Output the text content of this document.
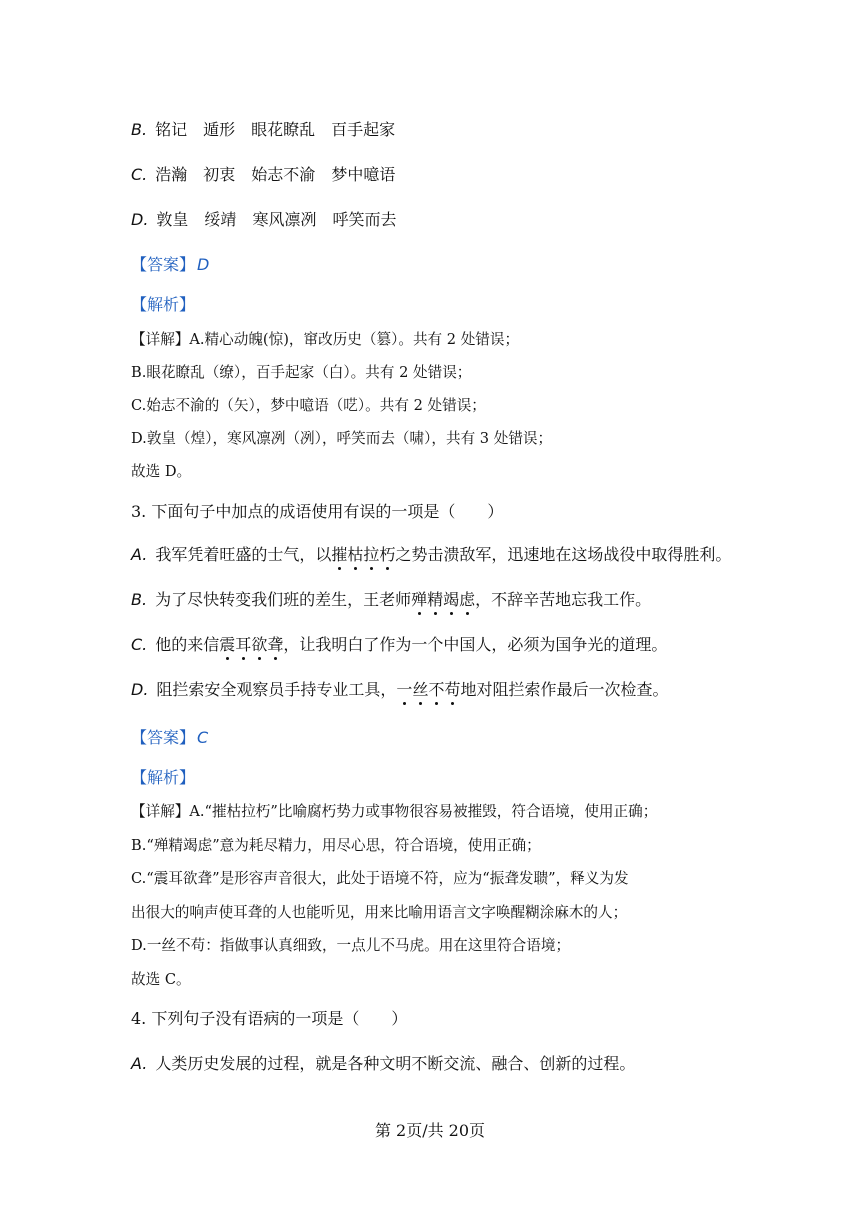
B. 铭记 遁形 眼花瞭乱 百手起家
C. 浩瀚 初衷 始志不渝 梦中噫语
D. 敦皇 绥靖 寒风凛冽 呼笑而去
【答案】 D
【解析】
【详解】A.精心动魄(惊)，窜改历史（篡）。共有 2 处错误；
B.眼花瞭乱（缭），百手起家（白）。共有 2 处错误；
C.始志不渝的（矢），梦中噫语（呓）。共有 2 处错误；
D.敦皇（煌），寒风凛冽（冽），呼笑而去（啸），共有 3 处错误；
故选 D。
3. 下面句子中加点的成语使用有误的一项是（　　）
A. 我军凭着旺盛的士气，以摧枯拉朽之势击溃敌军，迅速地在这场战役中取得胜利。
B. 为了尽快转变我们班的差生，王老师殚精竭虑，不辞辛苦地忘我工作。
C. 他的来信震耳欲聋，让我明白了作为一个中国人，必须为国争光的道理。
D. 阻拦索安全观察员手持专业工具，一丝不苟地对阻拦索作最后一次检查。
【答案】 C
【解析】
【详解】A.“摧枯拉朽”比喻腐朽势力或事物很容易被摧毁，符合语境，使用正确；
B.“殚精竭虑”意为耗尽精力，用尽心思，符合语境，使用正确；
C.“震耳欲聋”是形容声音很大，此处于语境不符，应为“振聋发聩”，释义为发
出很大的响声使耳聋的人也能听见，用来比喻用语言文字唤醒糊涂麻木的人；
D.一丝不苟：指做事认真细致，一点儿不马虎。用在这里符合语境；
故选 C。
4. 下列句子没有语病的一项是（　　）
A. 人类历史发展的过程，就是各种文明不断交流、融合、创新的过程。
第 2页/共 20页
